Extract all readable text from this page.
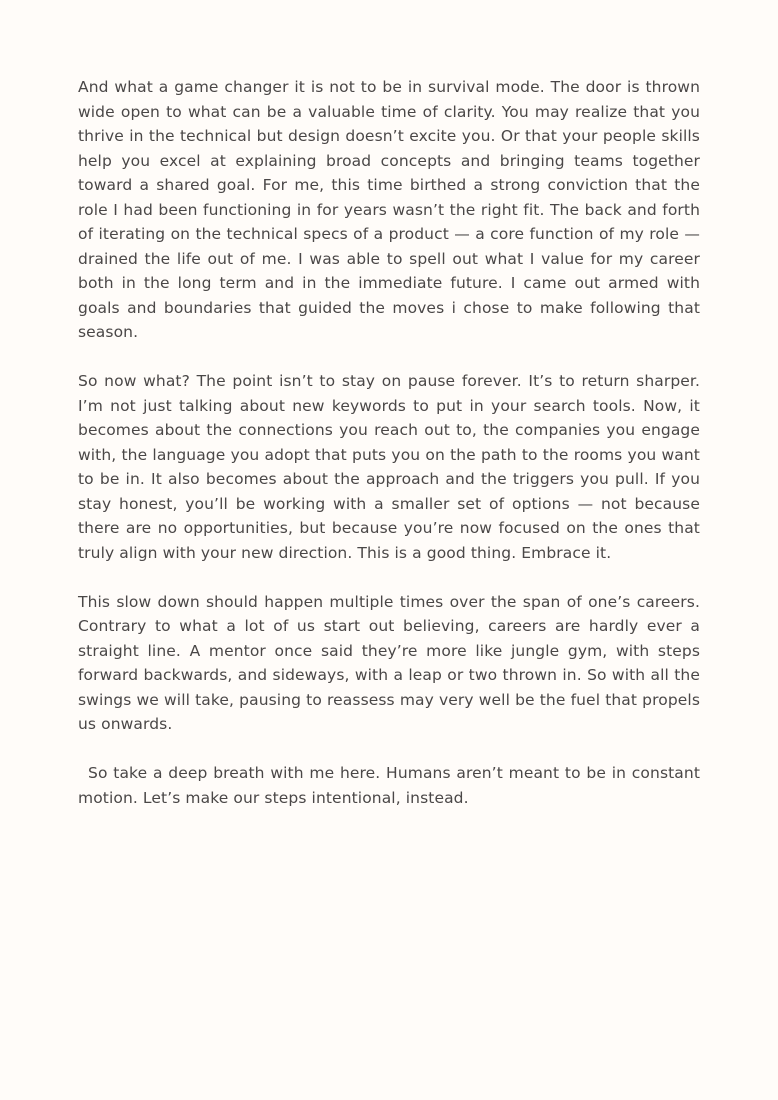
And what a game changer it is not to be in survival mode. The door is thrown wide open to what can be a valuable time of clarity. You may realize that you thrive in the technical but design doesn’t excite you. Or that your people skills help you excel at explaining broad concepts and bringing teams together toward a shared goal. For me, this time birthed a strong conviction that the role I had been functioning in for years wasn’t the right fit. The back and forth of iterating on the technical specs of a product — a core function of my role — drained the life out of me. I was able to spell out what I value for my career both in the long term and in the immediate future. I came out armed with goals and boundaries that guided the moves i chose to make following that season.

So now what? The point isn’t to stay on pause forever. It’s to return sharper. I’m not just talking about new keywords to put in your search tools. Now, it becomes about the connections you reach out to, the companies you engage with, the language you adopt that puts you on the path to the rooms you want to be in. It also becomes about the approach and the triggers you pull. If you stay honest, you’ll be working with a smaller set of options — not because there are no opportunities, but because you’re now focused on the ones that truly align with your new direction. This is a good thing. Embrace it.

This slow down should happen multiple times over the span of one’s careers. Contrary to what a lot of us start out believing, careers are hardly ever a straight line. A mentor once said they’re more like jungle gym, with steps forward backwards, and sideways, with a leap or two thrown in. So with all the swings we will take, pausing to reassess may very well be the fuel that propels us onwards.

So take a deep breath with me here. Humans aren’t meant to be in constant motion. Let’s make our steps intentional, instead.
